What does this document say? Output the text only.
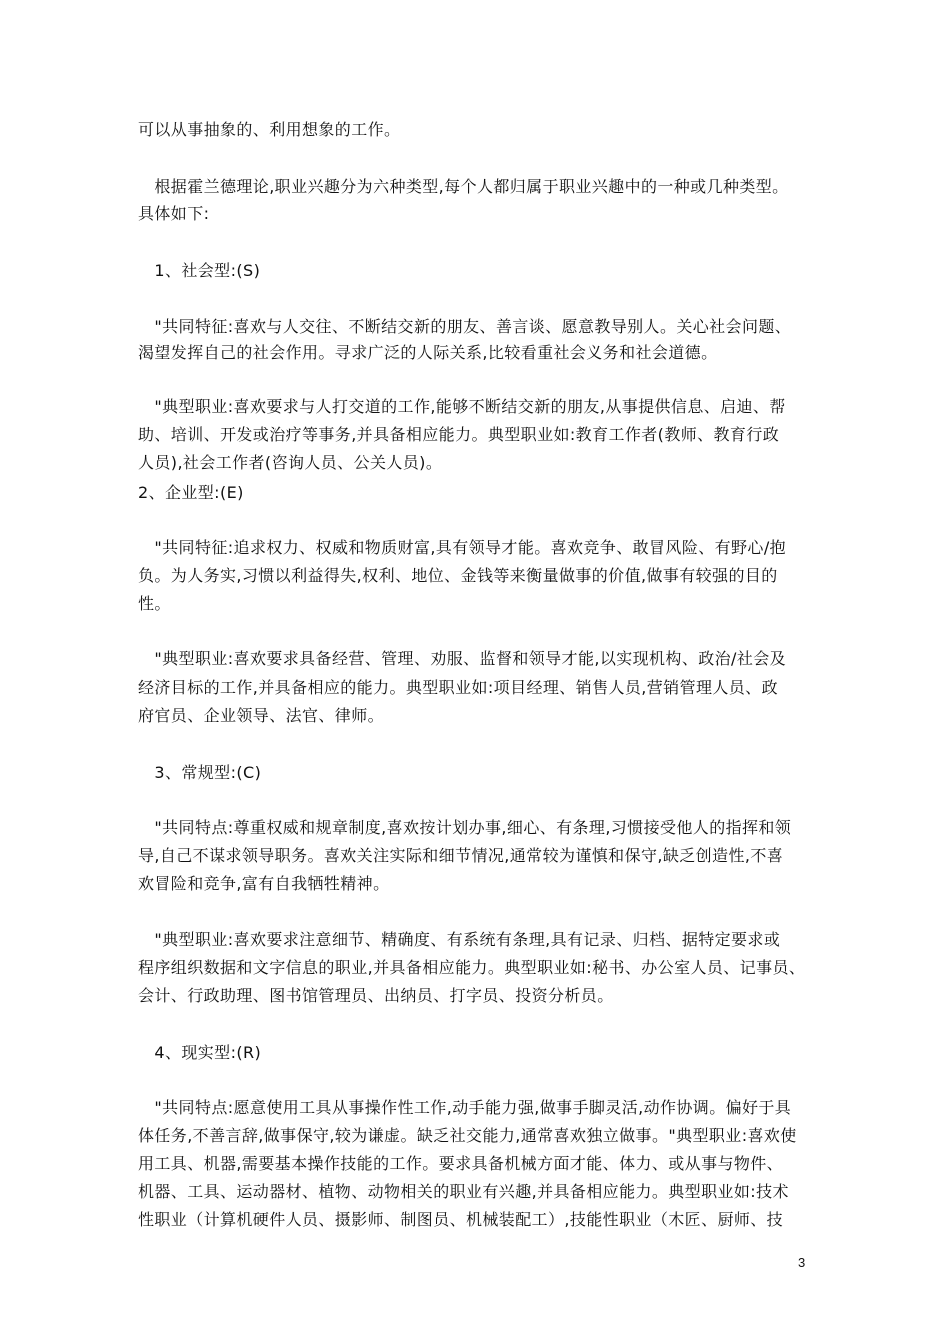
可以从事抽象的、利用想象的工作。
　根据霍兰德理论,职业兴趣分为六种类型,每个人都归属于职业兴趣中的一种或几种类型。
具体如下:
　1、社会型:(S)
　"共同特征:喜欢与人交往、不断结交新的朋友、善言谈、愿意教导别人。关心社会问题、
渴望发挥自己的社会作用。寻求广泛的人际关系,比较看重社会义务和社会道德。
　"典型职业:喜欢要求与人打交道的工作,能够不断结交新的朋友,从事提供信息、启迪、帮
助、培训、开发或治疗等事务,并具备相应能力。典型职业如:教育工作者(教师、教育行政
人员),社会工作者(咨询人员、公关人员)。
2、企业型:(E)
　"共同特征:追求权力、权威和物质财富,具有领导才能。喜欢竞争、敢冒风险、有野心/抱
负。为人务实,习惯以利益得失,权利、地位、金钱等来衡量做事的价值,做事有较强的目的
性。
　"典型职业:喜欢要求具备经营、管理、劝服、监督和领导才能,以实现机构、政治/社会及
经济目标的工作,并具备相应的能力。典型职业如:项目经理、销售人员,营销管理人员、政
府官员、企业领导、法官、律师。
　3、常规型:(C)
　"共同特点:尊重权威和规章制度,喜欢按计划办事,细心、有条理,习惯接受他人的指挥和领
导,自己不谋求领导职务。喜欢关注实际和细节情况,通常较为谨慎和保守,缺乏创造性,不喜
欢冒险和竞争,富有自我牺牲精神。
　"典型职业:喜欢要求注意细节、精确度、有系统有条理,具有记录、归档、据特定要求或
程序组织数据和文字信息的职业,并具备相应能力。典型职业如:秘书、办公室人员、记事员、
会计、行政助理、图书馆管理员、出纳员、打字员、投资分析员。
　4、现实型:(R)
　"共同特点:愿意使用工具从事操作性工作,动手能力强,做事手脚灵活,动作协调。偏好于具
体任务,不善言辞,做事保守,较为谦虚。缺乏社交能力,通常喜欢独立做事。"典型职业:喜欢使
用工具、机器,需要基本操作技能的工作。要求具备机械方面才能、体力、或从事与物件、
机器、工具、运动器材、植物、动物相关的职业有兴趣,并具备相应能力。典型职业如:技术
性职业（计算机硬件人员、摄影师、制图员、机械装配工）,技能性职业（木匠、厨师、技
3
